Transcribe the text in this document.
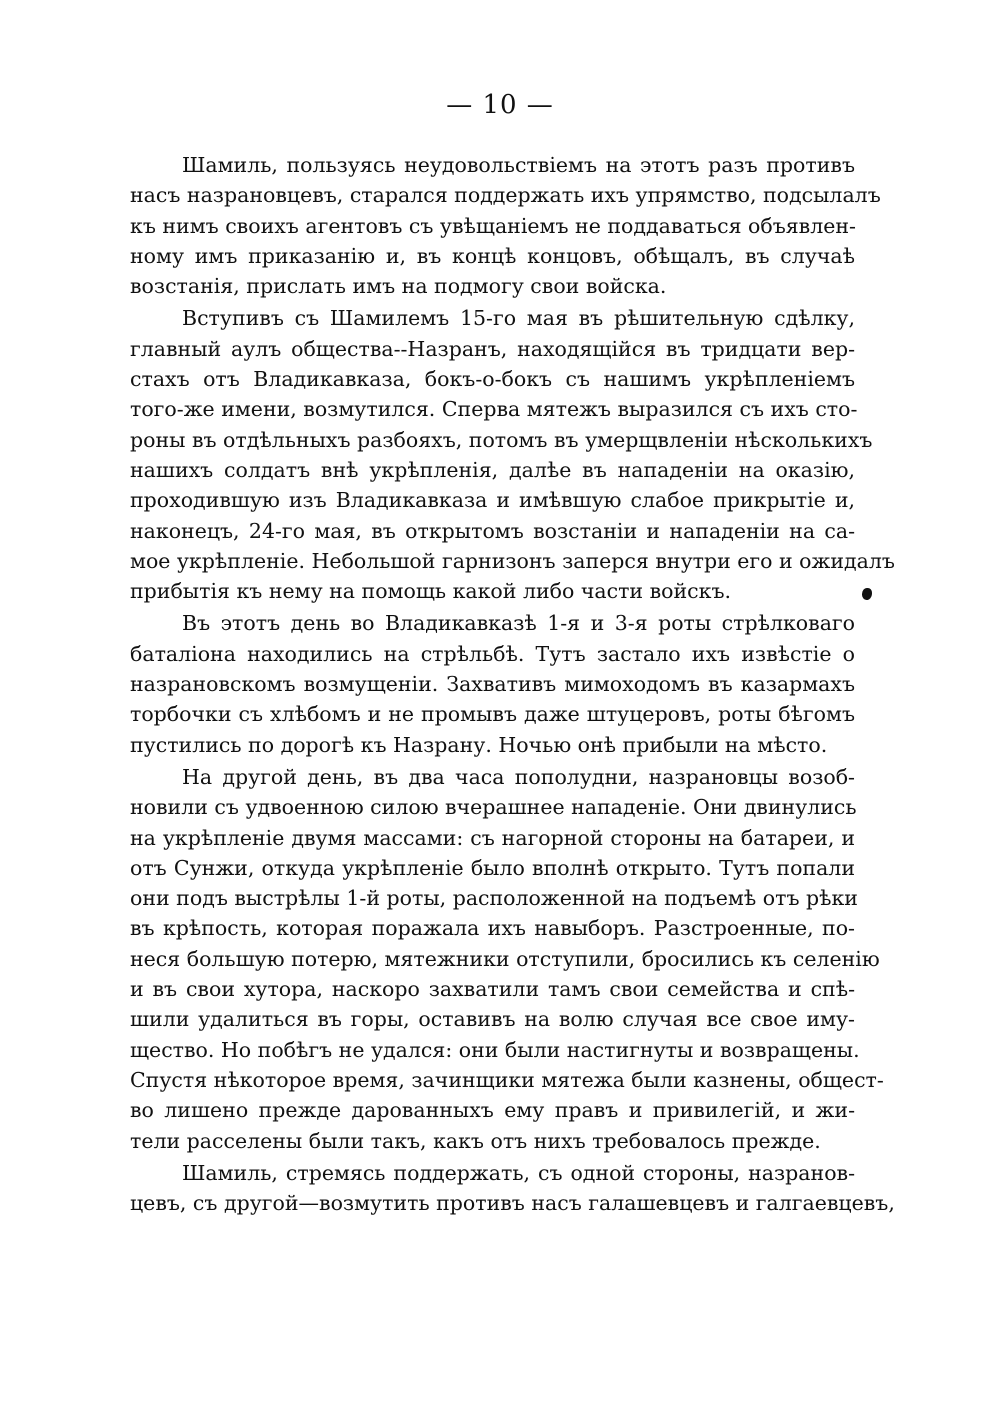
— 10 —
Шамиль, пользуясь неудовольствіемъ на этотъ разъ противъ
насъ назрановцевъ, старался поддержать ихъ упрямство, подсылалъ
къ нимъ своихъ агентовъ съ увѣщаніемъ не поддаваться объявлен-
ному имъ приказанію и, въ концѣ концовъ, обѣщалъ, въ случаѣ
возстанія, прислать имъ на подмогу свои войска.
Вступивъ съ Шамилемъ 15-го мая въ рѣшительную сдѣлку,
главный аулъ общества--Назранъ, находящійся въ тридцати вер-
стахъ отъ Владикавказа, бокъ-о-бокъ съ нашимъ укрѣпленіемъ
того-же имени, возмутился. Сперва мятежъ выразился съ ихъ сто-
роны въ отдѣльныхъ разбояхъ, потомъ въ умерщвленіи нѣсколькихъ
нашихъ солдатъ внѣ укрѣпленія, далѣе въ нападеніи на оказію,
проходившую изъ Владикавказа и имѣвшую слабое прикрытіе и,
наконецъ, 24-го мая, въ открытомъ возстаніи и нападеніи на са-
мое укрѣпленіе. Небольшой гарнизонъ заперся внутри его и ожидалъ
прибытія къ нему на помощь какой либо части войскъ.
Въ этотъ день во Владикавказѣ 1-я и 3-я роты стрѣлковаго
баталіона находились на стрѣльбѣ. Тутъ застало ихъ извѣстіе о
назрановскомъ возмущеніи. Захвативъ мимоходомъ въ казармахъ
торбочки съ хлѣбомъ и не промывъ даже штуцеровъ, роты бѣгомъ
пустились по дорогѣ къ Назрану. Ночью онѣ прибыли на мѣсто.
На другой день, въ два часа пополудни, назрановцы возоб-
новили съ удвоенною силою вчерашнее нападеніе. Они двинулись
на укрѣпленіе двумя массами: съ нагорной стороны на батареи, и
отъ Сунжи, откуда укрѣпленіе было вполнѣ открыто. Тутъ попали
они подъ выстрѣлы 1-й роты, расположенной на подъемѣ отъ рѣки
въ крѣпость, которая поражала ихъ навыборъ. Разстроенные, по-
неся большую потерю, мятежники отступили, бросились къ селенію
и въ свои хутора, наскоро захватили тамъ свои семейства и спѣ-
шили удалиться въ горы, оставивъ на волю случая все свое иму-
щество. Но побѣгъ не удался: они были настигнуты и возвращены.
Спустя нѣкоторое время, зачинщики мятежа были казнены, общест-
во лишено прежде дарованныхъ ему правъ и привилегій, и жи-
тели расселены были такъ, какъ отъ нихъ требовалось прежде.
Шамиль, стремясь поддержать, съ одной стороны, назранов-
цевъ, съ другой—возмутить противъ насъ галашевцевъ и галгаевцевъ,
